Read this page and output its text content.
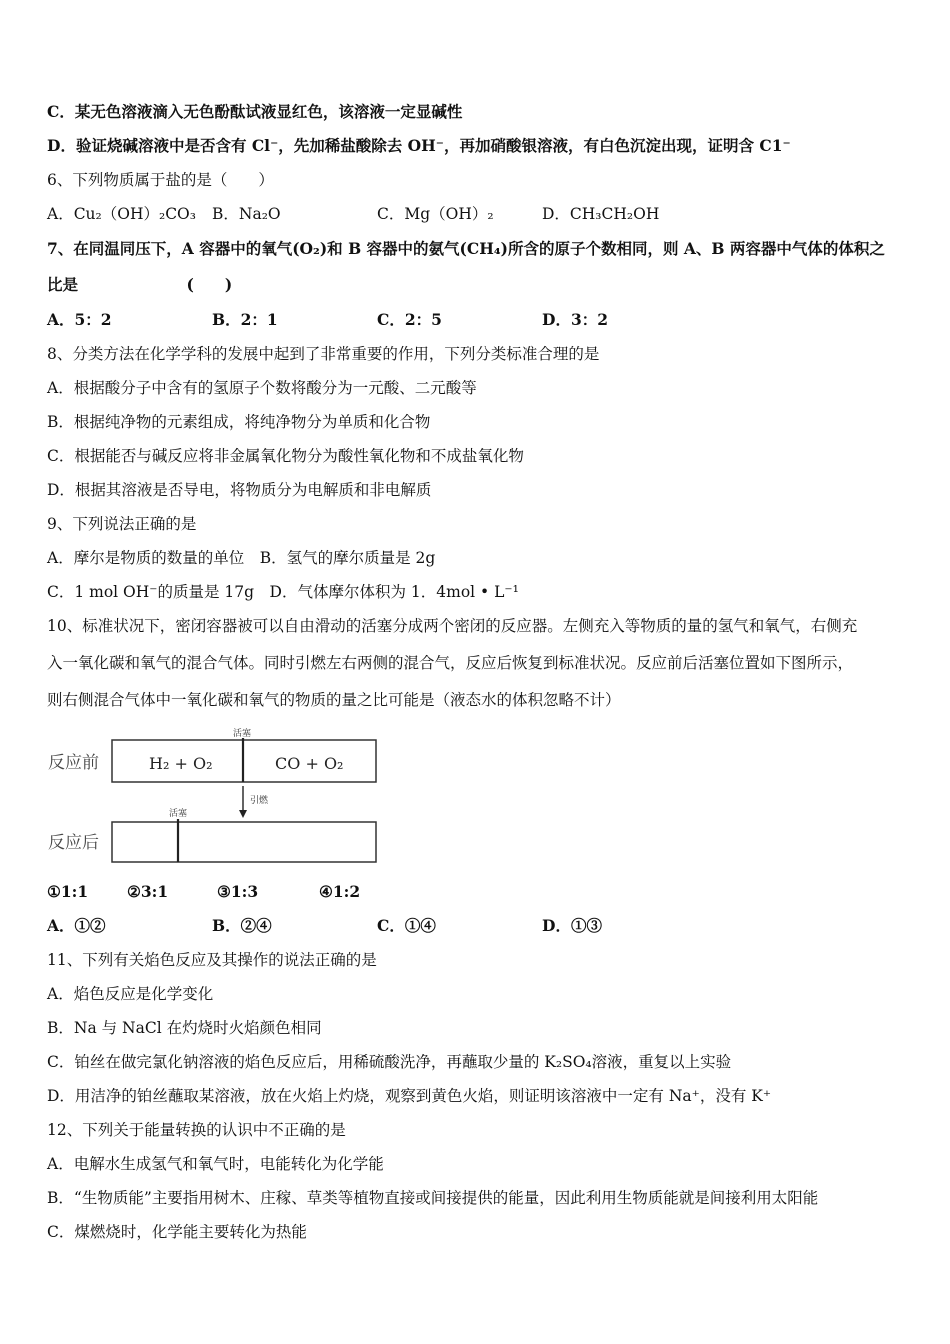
C．某无色溶液滴入无色酚酞试液显红色，该溶液一定显碱性
D．验证烧碱溶液中是否含有 Cl⁻，先加稀盐酸除去 OH⁻，再加硝酸银溶液，有白色沉淀出现，证明含 C1⁻
6、下列物质属于盐的是（　　）
A．Cu₂（OH）₂CO₃ B．Na₂O	C．Mg（OH）₂	D．CH₃CH₂OH
7、在同温同压下，A 容器中的氧气(O₂)和 B 容器中的氨气(CH₄)所含的原子个数相同，则 A、B 两容器中气体的体积之
比是　　　　　　　(　　)
A．5：2	B．2：1	C．2：5	D．3：2
8、分类方法在化学学科的发展中起到了非常重要的作用，下列分类标准合理的是
A．根据酸分子中含有的氢原子个数将酸分为一元酸、二元酸等
B．根据纯净物的元素组成，将纯净物分为单质和化合物
C．根据能否与碱反应将非金属氧化物分为酸性氧化物和不成盐氧化物
D．根据其溶液是否导电，将物质分为电解质和非电解质
9、下列说法正确的是
A．摩尔是物质的数量的单位　B．氢气的摩尔质量是 2g
C．1 mol OH⁻的质量是 17g　D．气体摩尔体积为 1．4mol • L⁻¹
10、标准状况下，密闭容器被可以自由滑动的活塞分成两个密闭的反应器。左侧充入等物质的量的氢气和氧气，右侧充
入一氧化碳和氧气的混合气体。同时引燃左右两侧的混合气，反应后恢复到标准状况。反应前后活塞位置如下图所示，
则右侧混合气体中一氧化碳和氧气的物质的量之比可能是（液态水的体积忽略不计）
反应前
活塞
H₂ + O₂	CO + O₂
引燃
活塞
反应后
①1:1	②3:1	③1:3	④1:2
A．①②	B．②④	C．①④	D．①③
11、下列有关焰色反应及其操作的说法正确的是
A．焰色反应是化学变化
B．Na 与 NaCl 在灼烧时火焰颜色相同
C．铂丝在做完氯化钠溶液的焰色反应后，用稀硫酸洗净，再蘸取少量的 K₂SO₄溶液，重复以上实验
D．用洁净的铂丝蘸取某溶液，放在火焰上灼烧，观察到黄色火焰，则证明该溶液中一定有 Na⁺，没有 K⁺
12、下列关于能量转换的认识中不正确的是
A．电解水生成氢气和氧气时，电能转化为化学能
B．“生物质能”主要指用树木、庄稼、草类等植物直接或间接提供的能量，因此利用生物质能就是间接利用太阳能
C．煤燃烧时，化学能主要转化为热能
